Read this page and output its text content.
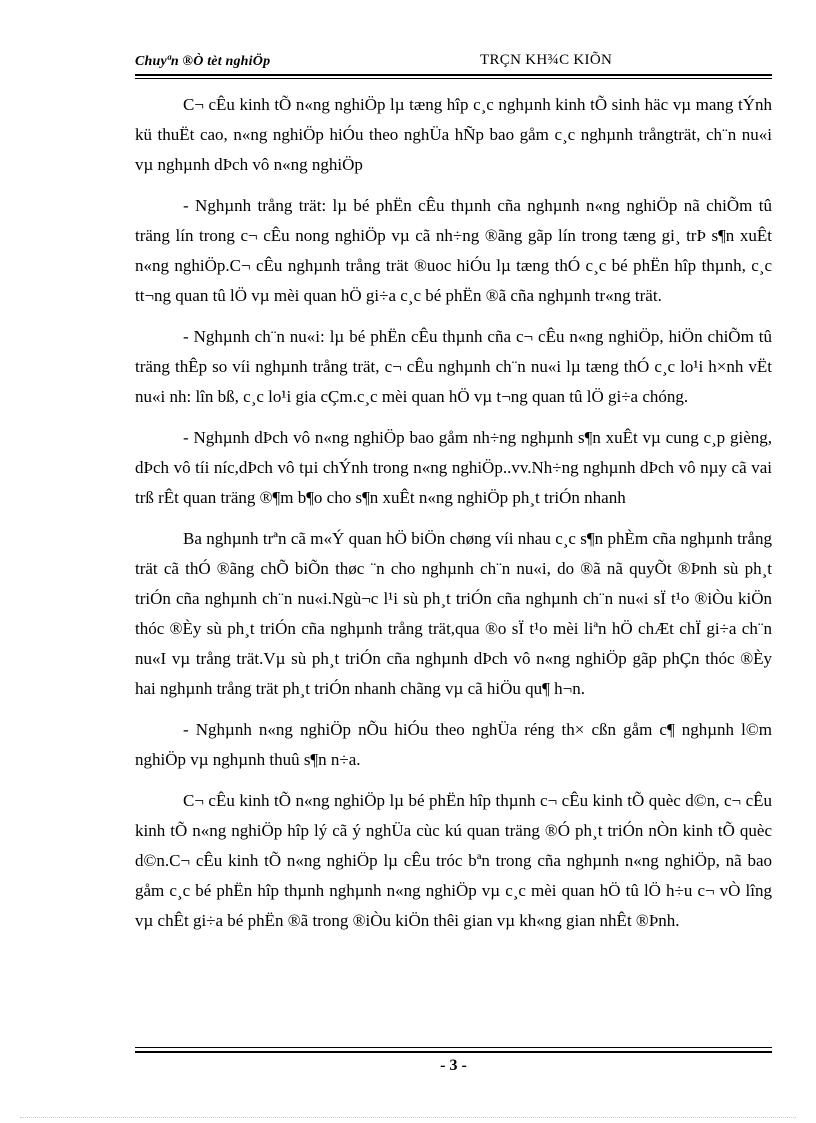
Chuyªn ®Ò tèt nghiÖp	TRÇN KH¾C KIÕN

C¬ cÊu kinh tÕ n«ng nghiÖp lµ tæng hîp c¸c nghµnh kinh tÕ sinh häc vµ mang tÝnh kü thuËt cao, n«ng nghiÖp hiÓu theo nghÜa hÑp bao gåm c¸c nghµnh trångträt, ch¨n nu«i vµ nghµnh dÞch vô n«ng nghiÖp

- Nghµnh trång trät: lµ bé phËn cÊu thµnh cña nghµnh n«ng nghiÖp nã chiÕm tû träng lín trong c¬ cÊu nong nghiÖp vµ cã nh÷ng ®ãng gãp lín trong tæng gi¸ trÞ s¶n xuÊt n«ng nghiÖp.C¬ cÊu nghµnh trång trät ®uoc hiÓu lµ tæng thÓ c¸c bé phËn hîp thµnh, c¸c tt¬ng quan tû lÖ vµ mèi quan hÖ gi÷a c¸c bé phËn ®ã cña nghµnh tr«ng trät.

- Nghµnh ch¨n nu«i: lµ bé phËn cÊu thµnh cña c¬ cÊu n«ng nghiÖp, hiÖn chiÕm tû träng thÊp so víi nghµnh trång trät, c¬ cÊu nghµnh ch¨n nu«i lµ tæng thÓ c¸c lo¹i h×nh vËt nu«i nh: lîn bß, c¸c lo¹i gia cÇm.c¸c mèi quan hÖ vµ t¬ng quan tû lÖ gi÷a chóng.

- Nghµnh dÞch vô n«ng nghiÖp bao gåm nh÷ng nghµnh s¶n xuÊt vµ cung c¸p gièng, dÞch vô tíi níc,dÞch vô tµi chÝnh trong n«ng nghiÖp..vv.Nh÷ng nghµnh dÞch vô nµy cã vai trß rÊt quan träng ®¶m b¶o cho s¶n xuÊt n«ng nghiÖp ph¸t triÓn nhanh

Ba nghµnh trªn cã m«Ý quan hÖ biÖn chøng víi nhau c¸c s¶n phÈm cña nghµnh trång trät cã thÓ ®ãng chÕ biÕn thøc ¨n cho nghµnh ch¨n nu«i, do ®ã nã quyÕt ®Þnh sù ph¸t triÓn cña nghµnh ch¨n nu«i.Ngù¬c l¹i sù ph¸t triÓn cña nghµnh ch¨n nu«i sÏ t¹o ®iÒu kiÖn thóc ®Èy sù ph¸t triÓn cña nghµnh trång trät,qua ®o sÏ t¹o mèi liªn hÖ chÆt chÏ gi÷a ch¨n nu«I vµ trång trät.Vµ sù ph¸t triÓn cña nghµnh dÞch vô n«ng nghiÖp gãp phÇn thóc ®Èy hai nghµnh trång trät ph¸t triÓn nhanh chãng vµ cã hiÖu qu¶ h¬n.

- Nghµnh n«ng nghiÖp nÕu hiÓu theo nghÜa réng th× cßn gåm c¶ nghµnh l©m nghiÖp vµ nghµnh thuû s¶n n÷a.

C¬ cÊu kinh tÕ n«ng nghiÖp lµ bé phËn hîp thµnh c¬ cÊu kinh tÕ quèc d©n, c¬ cÊu kinh tÕ n«ng nghiÖp hîp lý cã ý nghÜa cùc kú quan träng ®Ó ph¸t triÓn nÒn kinh tÕ quèc d©n.C¬ cÊu kinh tÕ n«ng nghiÖp lµ cÊu tróc bªn trong cña nghµnh n«ng nghiÖp, nã bao gåm c¸c bé phËn hîp thµnh nghµnh n«ng nghiÖp vµ c¸c mèi quan hÖ tû lÖ h÷u c¬ vÒ lîng vµ chÊt gi÷a bé phËn ®ã trong ®iÒu kiÖn thêi gian vµ kh«ng gian nhÊt ®Þnh.

- 3 -
